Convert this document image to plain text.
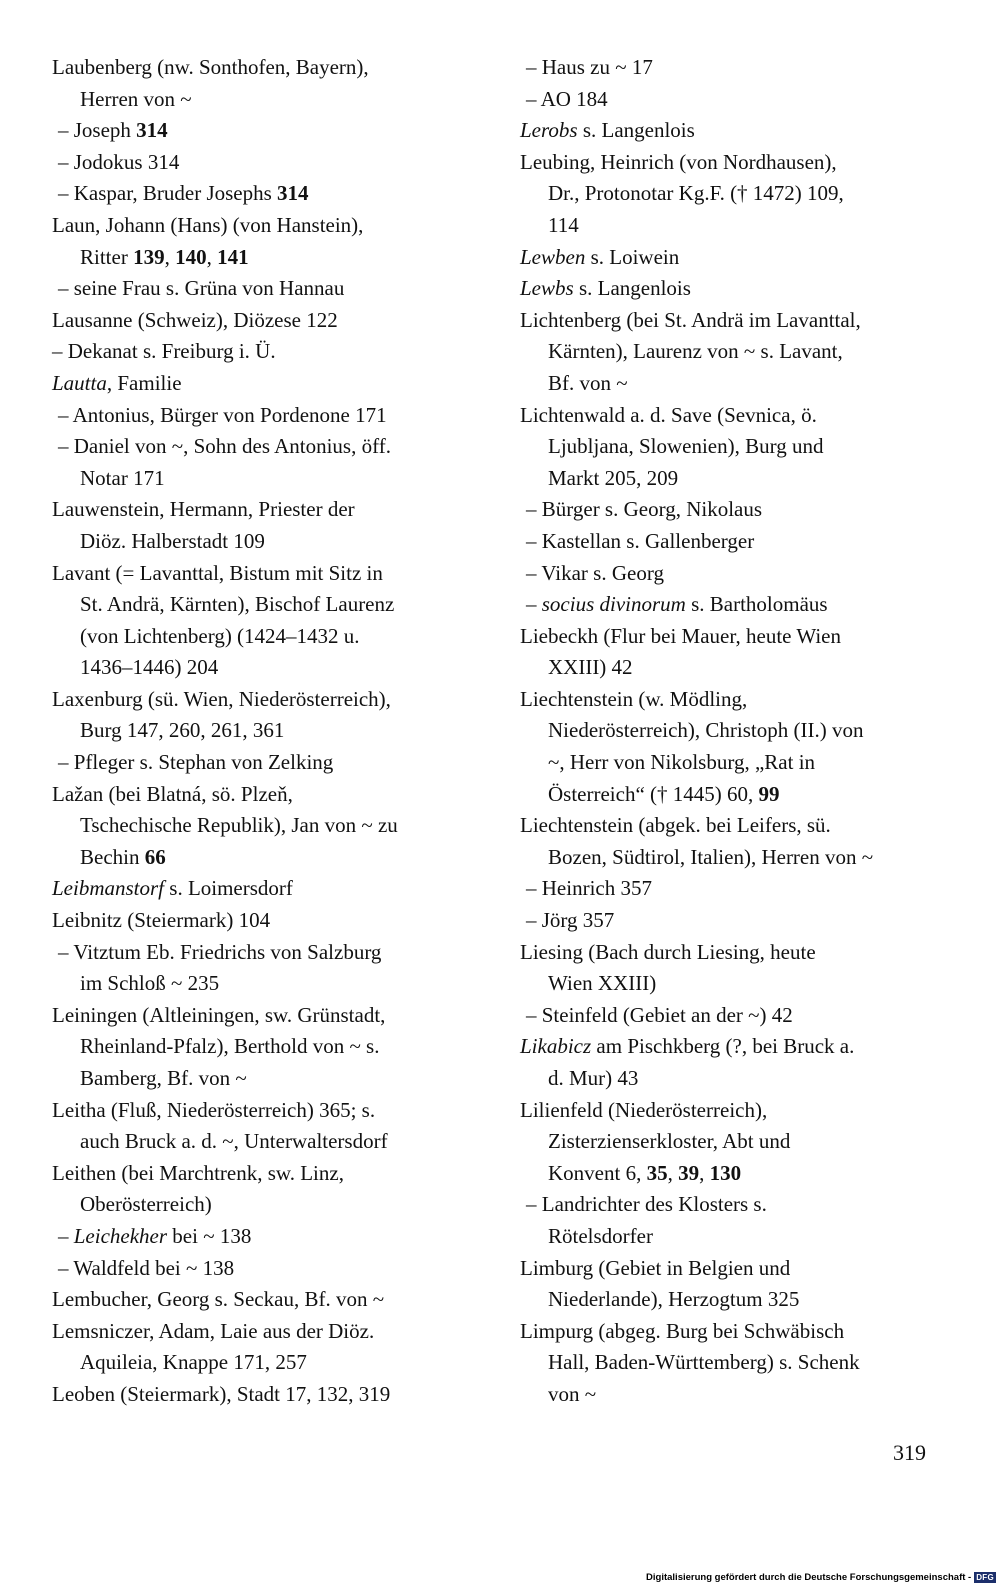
Laubenberg (nw. Sonthofen, Bayern),
Herren von ~
– Joseph 314
– Jodokus 314
– Kaspar, Bruder Josephs 314
Laun, Johann (Hans) (von Hanstein),
Ritter 139, 140, 141
– seine Frau s. Grüna von Hannau
Lausanne (Schweiz), Diözese 122
– Dekanat s. Freiburg i. Ü.
Lautta, Familie
– Antonius, Bürger von Pordenone 171
– Daniel von ~, Sohn des Antonius, öff.
Notar 171
Lauwenstein, Hermann, Priester der
Diöz. Halberstadt 109
Lavant (= Lavanttal, Bistum mit Sitz in
St. Andrä, Kärnten), Bischof Laurenz
(von Lichtenberg) (1424–1432 u.
1436–1446) 204
Laxenburg (sü. Wien, Niederösterreich),
Burg 147, 260, 261, 361
– Pfleger s. Stephan von Zelking
Lažan (bei Blatná, sö. Plzeň,
Tschechische Republik), Jan von ~ zu
Bechin 66
Leibmanstorf s. Loimersdorf
Leibnitz (Steiermark) 104
– Vitztum Eb. Friedrichs von Salzburg
im Schloß ~ 235
Leiningen (Altleiningen, sw. Grünstadt,
Rheinland-Pfalz), Berthold von ~ s.
Bamberg, Bf. von ~
Leitha (Fluß, Niederösterreich) 365; s.
auch Bruck a. d. ~, Unterwaltersdorf
Leithen (bei Marchtrenk, sw. Linz,
Oberösterreich)
– Leichekher bei ~ 138
– Waldfeld bei ~ 138
Lembucher, Georg s. Seckau, Bf. von ~
Lemsniczer, Adam, Laie aus der Diöz.
Aquileia, Knappe 171, 257
Leoben (Steiermark), Stadt 17, 132, 319
– Haus zu ~ 17
– AO 184
Lerobs s. Langenlois
Leubing, Heinrich (von Nordhausen),
Dr., Protonotar Kg.F. († 1472) 109,
114
Lewben s. Loiwein
Lewbs s. Langenlois
Lichtenberg (bei St. Andrä im Lavanttal,
Kärnten), Laurenz von ~ s. Lavant,
Bf. von ~
Lichtenwald a. d. Save (Sevnica, ö.
Ljubljana, Slowenien), Burg und
Markt 205, 209
– Bürger s. Georg, Nikolaus
– Kastellan s. Gallenberger
– Vikar s. Georg
– socius divinorum s. Bartholomäus
Liebeckh (Flur bei Mauer, heute Wien
XXIII) 42
Liechtenstein (w. Mödling,
Niederösterreich), Christoph (II.) von
~, Herr von Nikolsburg, „Rat in
Österreich“ († 1445) 60, 99
Liechtenstein (abgek. bei Leifers, sü.
Bozen, Südtirol, Italien), Herren von ~
– Heinrich 357
– Jörg 357
Liesing (Bach durch Liesing, heute
Wien XXIII)
– Steinfeld (Gebiet an der ~) 42
Likabicz am Pischkberg (?, bei Bruck a.
d. Mur) 43
Lilienfeld (Niederösterreich),
Zisterzienserkloster, Abt und
Konvent 6, 35, 39, 130
– Landrichter des Klosters s.
Rötelsdorfer
Limburg (Gebiet in Belgien und
Niederlande), Herzogtum 325
Limpurg (abgeg. Burg bei Schwäbisch
Hall, Baden-Württemberg) s. Schenk
von ~
319
Digitalisierung gefördert durch die Deutsche Forschungsgemeinschaft - DFG
